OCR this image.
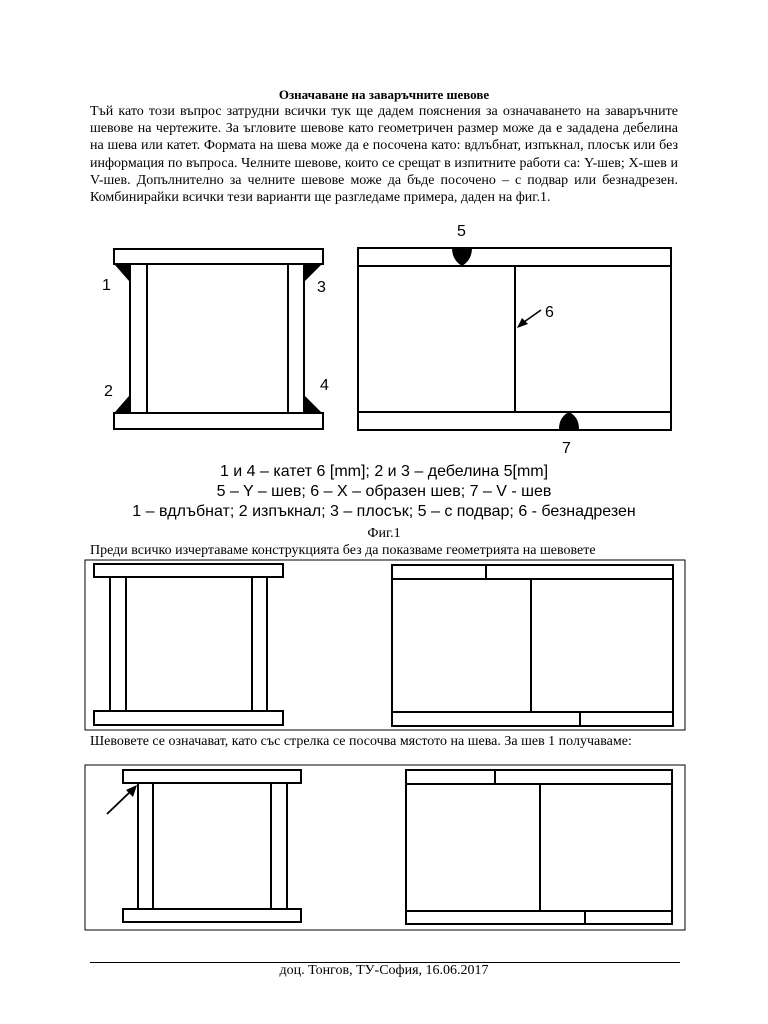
Означаване на заваръчните шевове

Тъй като този въпрос затрудни всички тук ще дадем пояснения за означаването на заваръчните шевове на чертежите. За ъгловите шевове като геометричен размер може да е зададена дебелина на шева или катет. Формата на шева може да е посочена като: вдлъбнат, изпъкнал, плосък или без информация по въпроса. Челните шевове, които се срещат в изпитните работи са: Y-шев; X-шев и V-шев. Допълнително за челните шевове може да бъде посочено – с подвар или безнадрезен. Комбинирайки всички тези варианти ще разгледаме примера, даден на фиг.1.

1
2
3
4
5
6
7
1 и 4 – катет 6 [mm]; 2 и 3 – дебелина 5[mm]
5 – Y – шев; 6 – X – образен шев; 7 – V - шев
1 – вдлъбнат; 2 изпъкнал; 3 – плосък; 5 – с подвар; 6 - безнадрезен
Фиг.1
Преди всичко изчертаваме конструкцията без да показваме геометрията на шевовете
Шевовете се означават, като със стрелка се посочва мястото на шева. За шев 1 получаваме:
доц. Тонгов, ТУ-София, 16.06.2017
